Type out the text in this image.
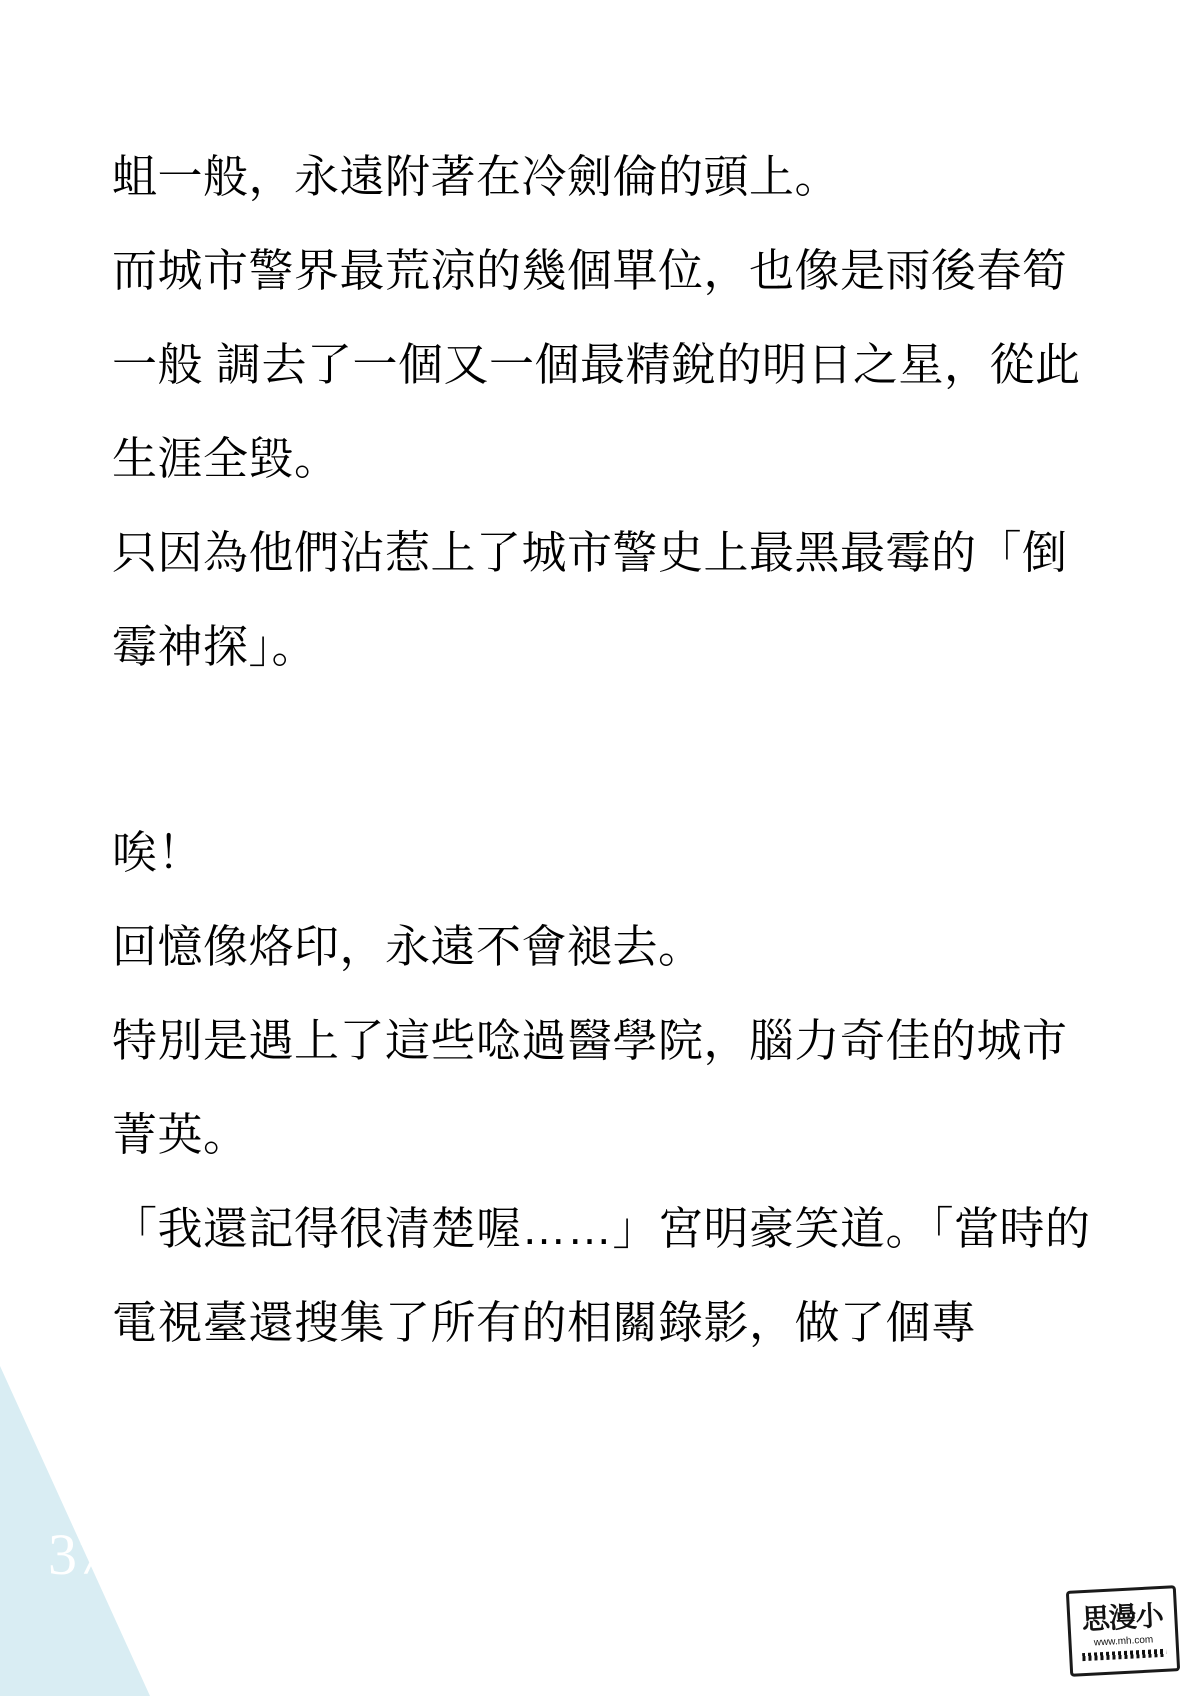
蛆一般，永遠附著在冷劍倫的頭上。
而城市警界最荒涼的幾個單位，也像是雨後春筍一般 調去了一個又一個最精銳的明日之星，從此生涯全毀。
只因為他們沾惹上了城市警史上最黑最霉的「倒霉神探」。
唉！
回憶像烙印，永遠不會褪去。
特別是遇上了這些唸過醫學院，腦力奇佳的城市菁英。
「我還記得很清楚喔……」宮明豪笑道。「當時的電視臺還搜集了所有的相關錄影，做了個專
37
思漫小
www.mh.com
